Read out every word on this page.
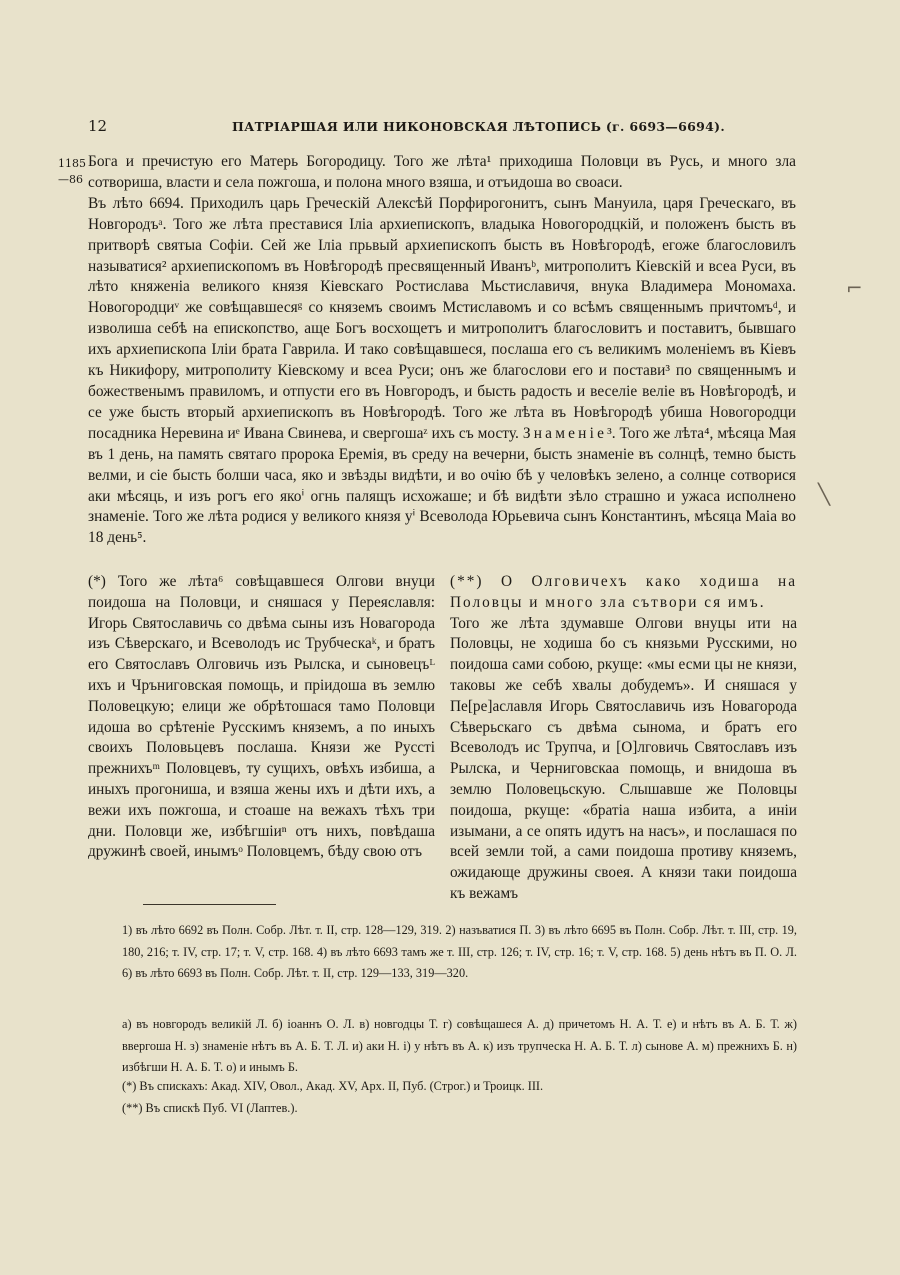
12	ПАТРІАРШАЯ ИЛИ НИКОНОВСКАЯ ЛѢТОПИСЬ (г. 6693—6694).
1185
—86

Бога и пречистую его Матерь Богородицу. Того же лѣта¹ приходиша Половци въ Русь, и много зла сотвориша, власти и села пожгоша, и полона много взяша, и отъидоша во своаси.

Въ лѣто 6694. Приходилъ царь Греческій Алексѣй Порфирогонитъ, сынъ Мануила, царя Греческаго, въ Новгородъᵃ. Того же лѣта преставися Іліа архиепископъ, владыка Новогородцкій, и положенъ бысть въ притворѣ святыа Софіи. Сей же Іліа прьвый архиепископъ бысть въ Новѣгородѣ, егоже благословилъ называтися² архиепископомъ въ Новѣгородѣ пресвященный Иванъᵇ, митрополитъ Кіевскій и всеа Руси, въ лѣто княженіа великого князя Кіевскаго Ростислава Мьстиславичя, внука Владимера Мономаха. Новогородциᵛ же совѣщавшесяᵍ со княземъ своимъ Мстиславомъ и со всѣмъ священнымъ причтомъᵈ, и изволиша себѣ на епископство, аще Богъ восхощетъ и митрополитъ благословитъ и поставитъ, бывшаго ихъ архиепископа Іліи брата Гаврила. И тако совѣщавшеся, послаша его съ великимъ моленіемъ въ Кіевъ къ Никифору, митрополиту Кіевскому и всеа Руси; онъ же благослови его и постави³ по священнымъ и божественымъ правиломъ, и отпусти его въ Новгородъ, и бысть радость и веселіе веліе въ Новѣгородѣ, и се уже бысть вторый архиепископъ въ Новѣгородѣ. Того же лѣта въ Новѣгородѣ убиша Новогородци посадника Неревина иᵉ Ивана Свинева, и свергошаᶻ ихъ съ мосту. Знаменіе³. Того же лѣта⁴, мѣсяца Мая въ 1 день, на память святаго пророка Еремія, въ среду на вечерни, бысть знаменіе въ солнцѣ, темно бысть велми, и сіе бысть болши часа, яко и звѣзды видѣти, и во очію бѣ у человѣкъ зелено, а солнце сотворися аки мѣсяць, и изъ рогъ его якоⁱ огнь палящъ исхожаше; и бѣ видѣти зѣло страшно и ужаса исполнено знаменіе. Того же лѣта родися у великого князя уⁱ Всеволода Юрьевича сынъ Константинъ, мѣсяца Маіа во 18 день⁵.

(*) Того же лѣта⁶ совѣщавшеся Олгови внуци поидоша на Половци, и сняшася у Переяславля: Игорь Святославичь со двѣма сыны изъ Новагорода изъ Сѣверскаго, и Всеволодъ ис Трубческаᵏ, и братъ его Святославъ Олговичь изъ Рылска, и сыновецъᴸ ихъ и Чрънигoвская помощь, и пріидоша въ землю Половецкую; елици же обрѣтошася тамо Половци идоша во срѣтеніе Русскимъ княземъ, а по иныхъ своихъ Половьцевъ послаша. Князи же Руссті прежнихъᵐ Половцевъ, ту сущихъ, овѣхъ избиша, а иныхъ прогониша, и взяша жены ихъ и дѣти ихъ, а вежи ихъ пожгоша, и стоаше на вежахъ тѣхъ три дни. Половци же, избѣгшіиⁿ отъ нихъ, повѣдаша дружинѣ своей, инымъᵒ Половцемъ, бѣду свою отъ

(**) О Олговичехъ како ходиша на Половцы и много зла сътвори ся имъ.

Того же лѣта здумавше Олгови внуцы ити на Половцы, не ходиша бо съ князьми Русскими, но поидоша сами собою, ркуще: «мы есми цы не князи, таковы же себѣ хвалы добудемъ». И сняшася у Пе[ре]аславля Игорь Святославичь изъ Новагорода Сѣверьскагo съ двѣма сынома, и братъ его Всеволодъ ис Трупча, и [О]лговичь Святославъ изъ Рылска, и Черниговскаа помощь, и внидоша въ землю Половецьскую. Слышавше же Половцы поидоша, ркуще: «братіа наша избита, а иніи изымани, а се опять идутъ на насъ», и послашася по всей земли той, а сами поидоша противу княземъ, ожидающе дружины своея. А князи таки поидоша къ вежамъ

1) въ лѣто 6692 въ Полн. Собр. Лѣт. т. II, стр. 128—129, 319. 2) назъватися П. 3) въ лѣто 6695 въ Полн. Собр. Лѣт. т. III, стр. 19, 180, 216; т. IV, стр. 17; т. V, стр. 168. 4) въ лѣто 6693 тамъ же т. III, стр. 126; т. IV, стр. 16; т. V, стр. 168. 5) день нѣтъ въ П. О. Л. 6) въ лѣто 6693 въ Полн. Собр. Лѣт. т. II, стр. 129—133, 319—320.

а) въ новгородъ великій Л. б) іоаннъ О. Л. в) новгодцы Т. г) совѣщашеся А. д) причетомъ Н. А. Т. е) и нѣтъ въ А. Б. Т. ж) ввергоша Н. з) знаменіе нѣтъ въ А. Б. Т. Л. и) аки Н. і) у нѣтъ въ А. к) изъ трупческа Н. А. Б. Т. л) сынове А. м) прежнихъ Б. н) избѣгши Н. А. Б. Т. о) и инымъ Б.

(*) Въ спискахъ: Акад. XIV, Овол., Акад. XV, Арх. II, Пуб. (Строг.) и Троицк. III.

(**) Въ спискѣ Пуб. VI (Лаптев.).

⌐
╲
